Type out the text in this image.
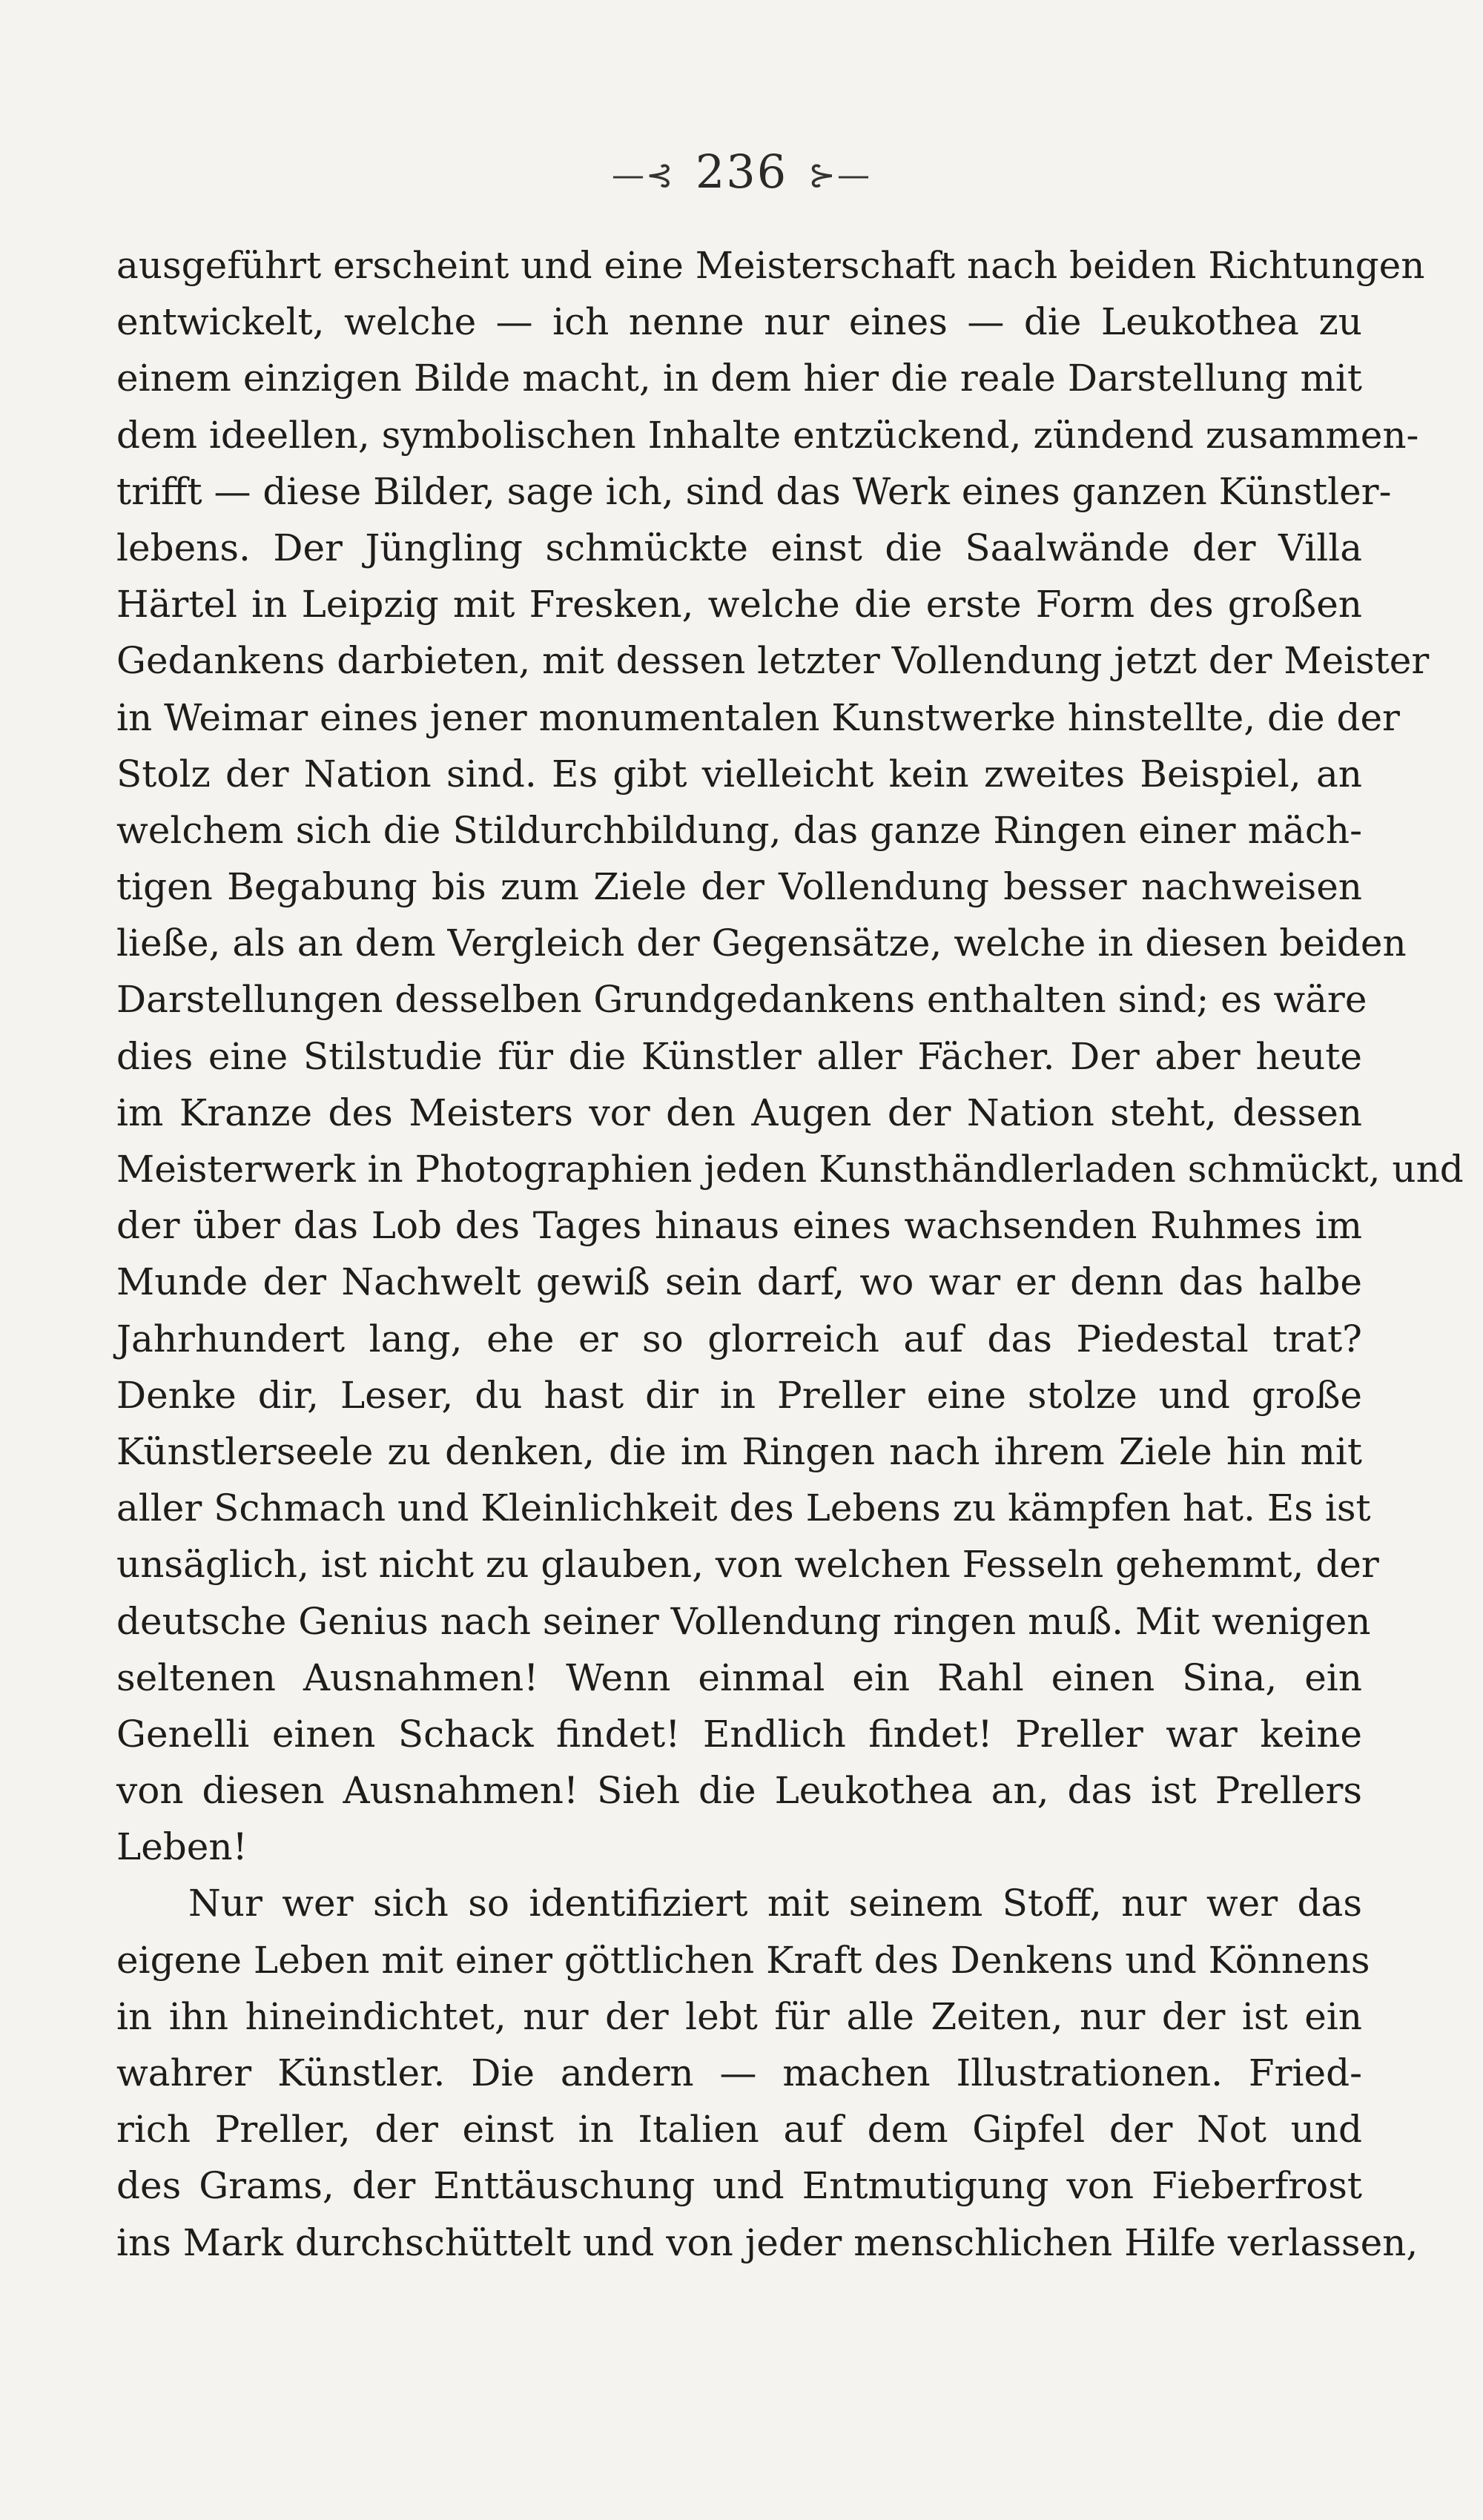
—⊰ 236 ⊱—
ausgeführt erscheint und eine Meisterschaft nach beiden Richtungen
entwickelt, welche — ich nenne nur eines — die Leukothea zu
einem einzigen Bilde macht, in dem hier die reale Darstellung mit
dem ideellen, symbolischen Inhalte entzückend, zündend zusammen-
trifft — diese Bilder, sage ich, sind das Werk eines ganzen Künstler-
lebens. Der Jüngling schmückte einst die Saalwände der Villa
Härtel in Leipzig mit Fresken, welche die erste Form des großen
Gedankens darbieten, mit dessen letzter Vollendung jetzt der Meister
in Weimar eines jener monumentalen Kunstwerke hinstellte, die der
Stolz der Nation sind. Es gibt vielleicht kein zweites Beispiel, an
welchem sich die Stildurchbildung, das ganze Ringen einer mäch-
tigen Begabung bis zum Ziele der Vollendung besser nachweisen
ließe, als an dem Vergleich der Gegensätze, welche in diesen beiden
Darstellungen desselben Grundgedankens enthalten sind; es wäre
dies eine Stilstudie für die Künstler aller Fächer. Der aber heute
im Kranze des Meisters vor den Augen der Nation steht, dessen
Meisterwerk in Photographien jeden Kunsthändlerladen schmückt, und
der über das Lob des Tages hinaus eines wachsenden Ruhmes im
Munde der Nachwelt gewiß sein darf, wo war er denn das halbe
Jahrhundert lang, ehe er so glorreich auf das Piedestal trat?
Denke dir, Leser, du hast dir in Preller eine stolze und große
Künstlerseele zu denken, die im Ringen nach ihrem Ziele hin mit
aller Schmach und Kleinlichkeit des Lebens zu kämpfen hat. Es ist
unsäglich, ist nicht zu glauben, von welchen Fesseln gehemmt, der
deutsche Genius nach seiner Vollendung ringen muß. Mit wenigen
seltenen Ausnahmen! Wenn einmal ein Rahl einen Sina, ein
Genelli einen Schack findet! Endlich findet! Preller war keine
von diesen Ausnahmen! Sieh die Leukothea an, das ist Prellers
Leben!
Nur wer sich so identifiziert mit seinem Stoff, nur wer das
eigene Leben mit einer göttlichen Kraft des Denkens und Könnens
in ihn hineindichtet, nur der lebt für alle Zeiten, nur der ist ein
wahrer Künstler. Die andern — machen Illustrationen. Fried-
rich Preller, der einst in Italien auf dem Gipfel der Not und
des Grams, der Enttäuschung und Entmutigung von Fieberfrost
ins Mark durchschüttelt und von jeder menschlichen Hilfe verlassen,
